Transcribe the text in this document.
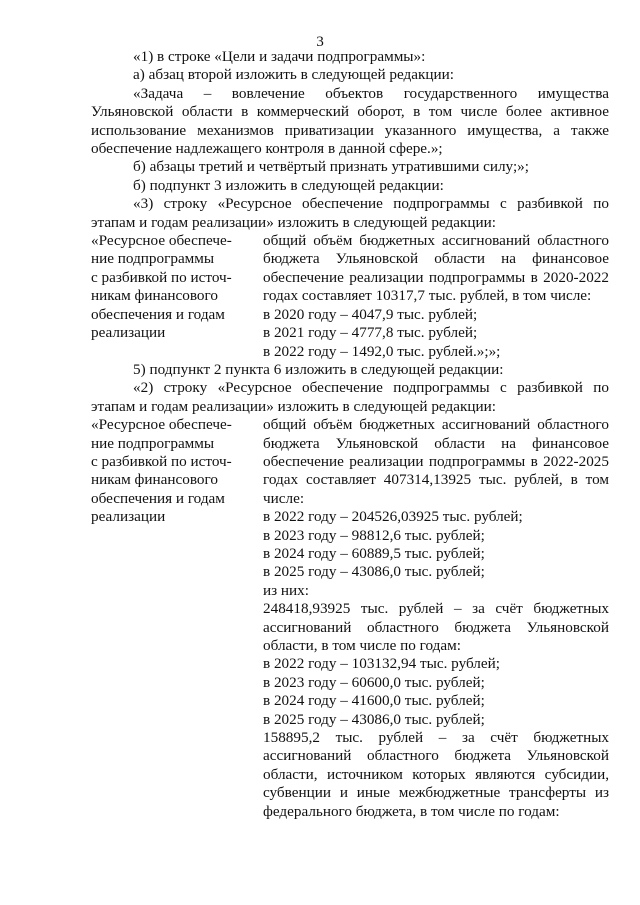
3

«1) в строке «Цели и задачи подпрограммы»:

а) абзац второй изложить в следующей редакции:

«Задача – вовлечение объектов государственного имущества Ульяновской области в коммерческий оборот, в том числе более активное использование механизмов приватизации указанного имущества, а также обеспечение надлежащего контроля в данной сфере.»;

б) абзацы третий и четвёртый признать утратившими силу;»;

б) подпункт 3 изложить в следующей редакции:

«3) строку «Ресурсное обеспечение подпрограммы с разбивкой по этапам и годам реализации» изложить в следующей редакции:

«Ресурсное обеспече-
ние подпрограммы
с разбивкой по источ-
никам финансового
обеспечения и годам
реализации

общий объём бюджетных ассигнований областного бюджета Ульяновской области на финансовое обеспечение реализации подпрограммы в 2020-2022 годах составляет 10317,7 тыс. рублей, в том числе:

в 2020 году – 4047,9 тыс. рублей;
в 2021 году – 4777,8 тыс. рублей;
в 2022 году – 1492,0 тыс. рублей.»;»;

5) подпункт 2 пункта 6 изложить в следующей редакции:

«2) строку «Ресурсное обеспечение подпрограммы с разбивкой по этапам и годам реализации» изложить в следующей редакции:

«Ресурсное обеспече-
ние подпрограммы
с разбивкой по источ-
никам финансового
обеспечения и годам
реализации

общий объём бюджетных ассигнований областного бюджета Ульяновской области на финансовое обеспечение реализации подпрограммы в 2022-2025 годах составляет 407314,13925 тыс. рублей, в том числе:

в 2022 году – 204526,03925 тыс. рублей;
в 2023 году – 98812,6 тыс. рублей;
в 2024 году – 60889,5 тыс. рублей;
в 2025 году – 43086,0 тыс. рублей;
из них:

248418,93925 тыс. рублей – за счёт бюджетных ассигнований областного бюджета Ульяновской области, в том числе по годам:

в 2022 году – 103132,94 тыс. рублей;
в 2023 году – 60600,0 тыс. рублей;
в 2024 году – 41600,0 тыс. рублей;
в 2025 году – 43086,0 тыс. рублей;

158895,2 тыс. рублей – за счёт бюджетных ассигнований областного бюджета Ульяновской области, источником которых являются субсидии, субвенции и иные межбюджетные трансферты из федерального бюджета, в том числе по годам:
